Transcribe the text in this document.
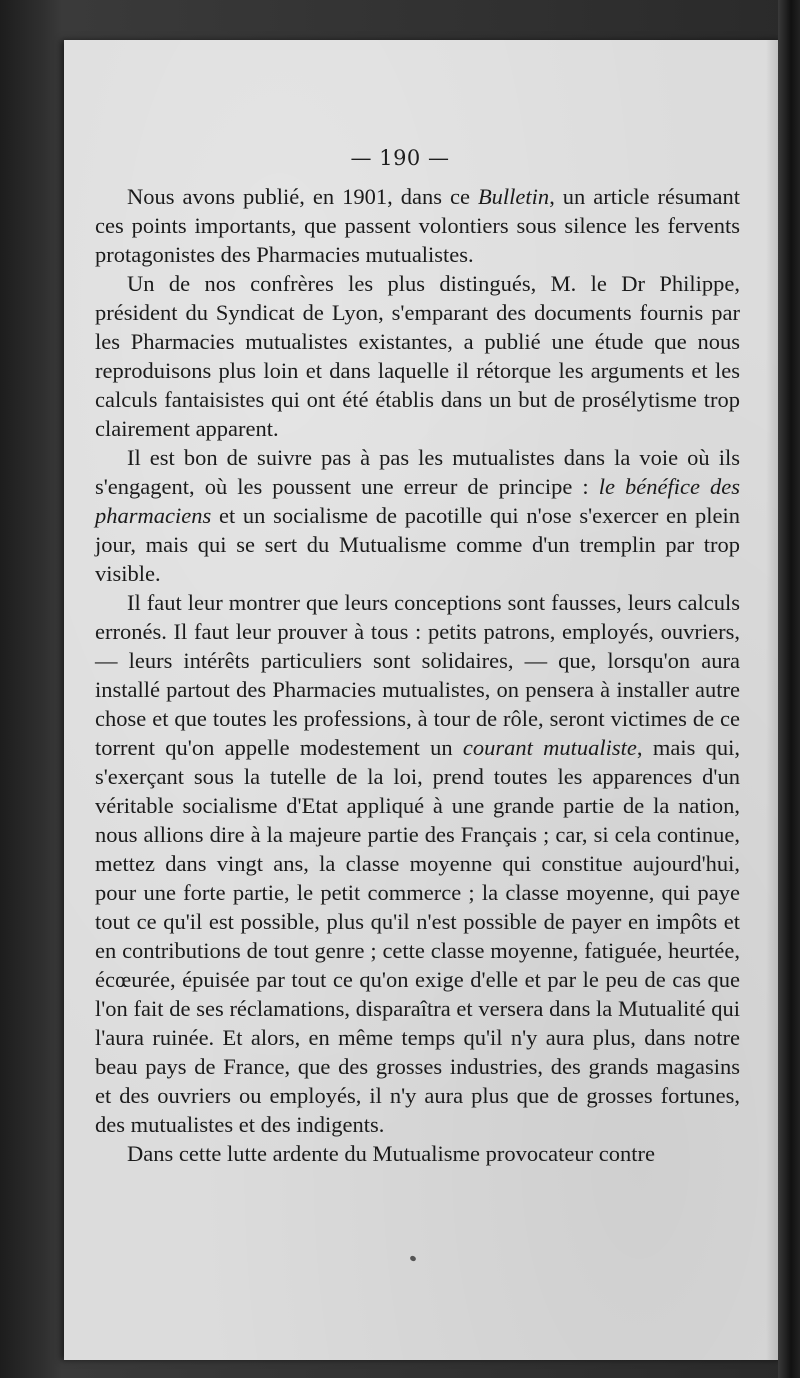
— 190 —

Nous avons publié, en 1901, dans ce Bulletin, un article résumant ces points importants, que passent volontiers sous silence les fervents protagonistes des Pharmacies mutualistes.

Un de nos confrères les plus distingués, M. le Dr Philippe, président du Syndicat de Lyon, s'emparant des documents fournis par les Pharmacies mutualistes existantes, a publié une étude que nous reproduisons plus loin et dans laquelle il rétorque les arguments et les calculs fantaisistes qui ont été établis dans un but de prosélytisme trop clairement apparent.

Il est bon de suivre pas à pas les mutualistes dans la voie où ils s'engagent, où les poussent une erreur de principe : le bénéfice des pharmaciens et un socialisme de pacotille qui n'ose s'exercer en plein jour, mais qui se sert du Mutualisme comme d'un tremplin par trop visible.

Il faut leur montrer que leurs conceptions sont fausses, leurs calculs erronés. Il faut leur prouver à tous : petits patrons, employés, ouvriers, — leurs intérêts particuliers sont solidaires, — que, lorsqu'on aura installé partout des Pharmacies mutualistes, on pensera à installer autre chose et que toutes les professions, à tour de rôle, seront victimes de ce torrent qu'on appelle modestement un courant mutualiste, mais qui, s'exerçant sous la tutelle de la loi, prend toutes les apparences d'un véritable socialisme d'Etat appliqué à une grande partie de la nation, nous allions dire à la majeure partie des Français ; car, si cela continue, mettez dans vingt ans, la classe moyenne qui constitue aujourd'hui, pour une forte partie, le petit commerce ; la classe moyenne, qui paye tout ce qu'il est possible, plus qu'il n'est possible de payer en impôts et en contributions de tout genre ; cette classe moyenne, fatiguée, heurtée, écœurée, épuisée par tout ce qu'on exige d'elle et par le peu de cas que l'on fait de ses réclamations, disparaîtra et versera dans la Mutualité qui l'aura ruinée. Et alors, en même temps qu'il n'y aura plus, dans notre beau pays de France, que des grosses industries, des grands magasins et des ouvriers ou employés, il n'y aura plus que de grosses fortunes, des mutualistes et des indigents.

Dans cette lutte ardente du Mutualisme provocateur contre
